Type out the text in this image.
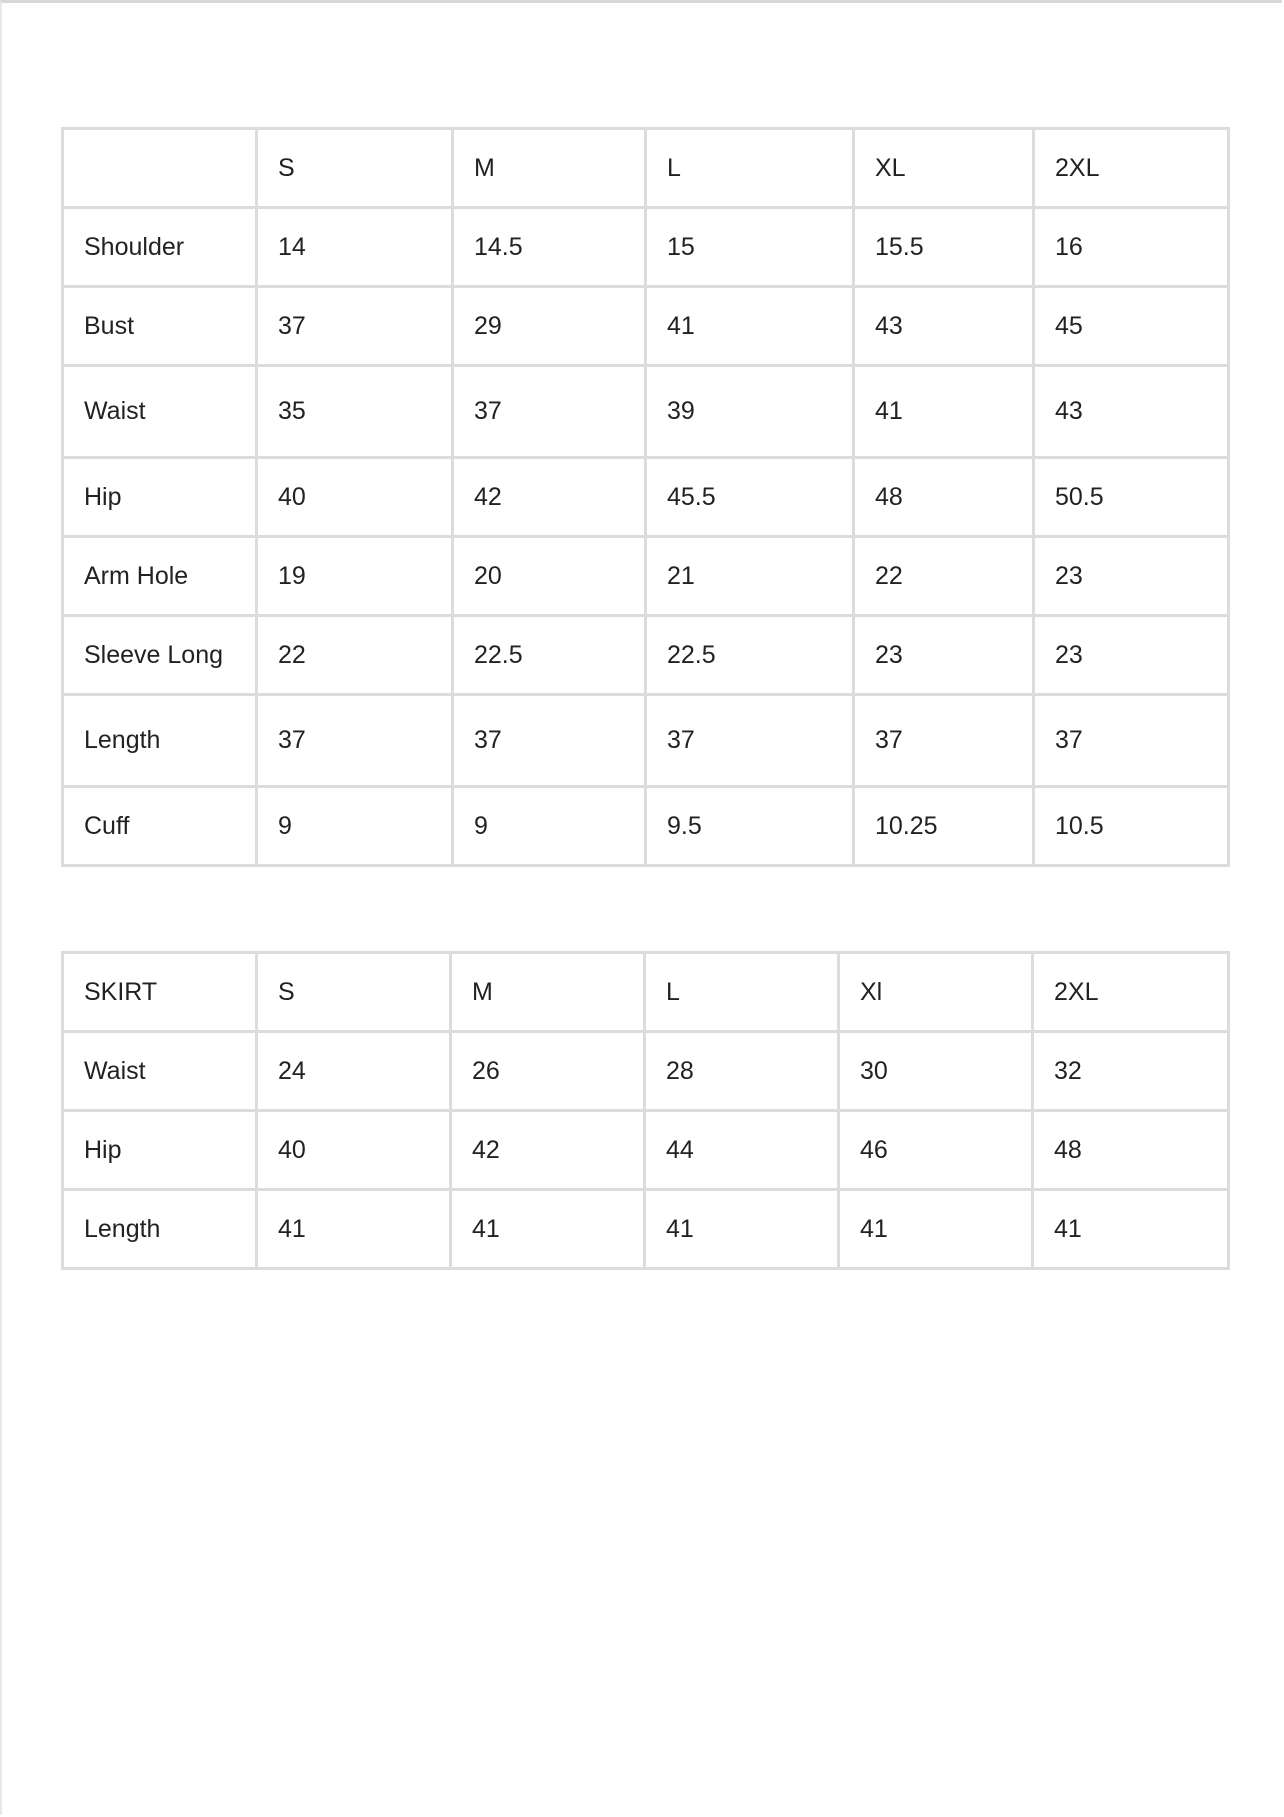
	S	M	L	XL	2XL
Shoulder	14	14.5	15	15.5	16
Bust	37	29	41	43	45
Waist	35	37	39	41	43
Hip	40	42	45.5	48	50.5
Arm Hole	19	20	21	22	23
Sleeve Long	22	22.5	22.5	23	23
Length	37	37	37	37	37
Cuff	9	9	9.5	10.25	10.5
SKIRT	S	M	L	Xl	2XL
Waist	24	26	28	30	32
Hip	40	42	44	46	48
Length	41	41	41	41	41
